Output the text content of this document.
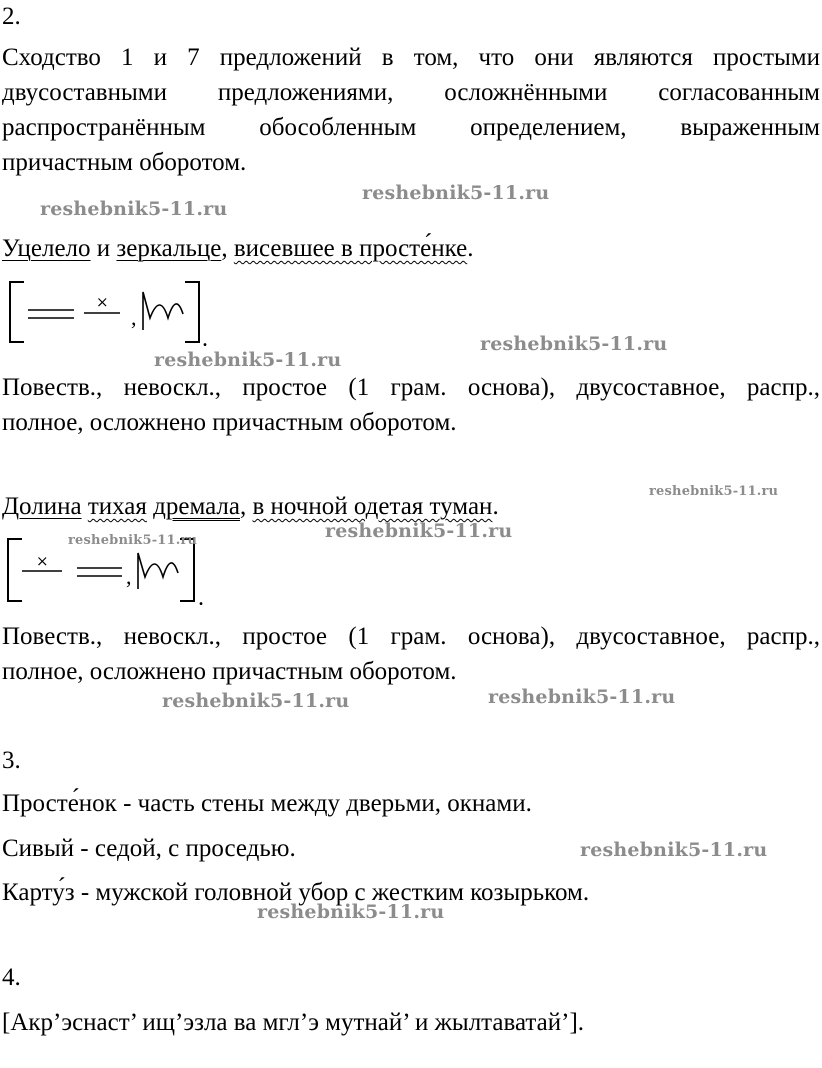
2.
Сходство 1 и 7 предложений в том, что они являются простыми
двусоставными предложениями, осложнёнными согласованным
распространённым обособленным определением, выраженным
причастным оборотом.
reshebnik5-11.ru
reshebnik5-11.ru
Уцелело и зеркальце, висевшее в просте́нке.
×
,
.	reshebnik5-11.ru
reshebnik5-11.ru
Повеств., невоскл., простое (1 грам. основа), двусоставное, распр.,
полное, осложнено причастным оборотом.
reshebnik5-11.ru
Долина тихая дремала, в ночной одетая туман.
reshebnik5-11.ru
×
,
.
reshebnik5-11.ru
Повеств., невоскл., простое (1 грам. основа), двусоставное, распр.,
полное, осложнено причастным оборотом.
reshebnik5-11.ru
reshebnik5-11.ru
3.
Просте́нок - часть стены между дверьми, окнами.
Сивый - седой, с проседью.	reshebnik5-11.ru
Карту́з - мужской головной убор с жестким козырьком.
reshebnik5-11.ru
4.
[Акр’эснаст’ ищ’эзла ва мгл’э мутнай’ и жылтаватай’].
